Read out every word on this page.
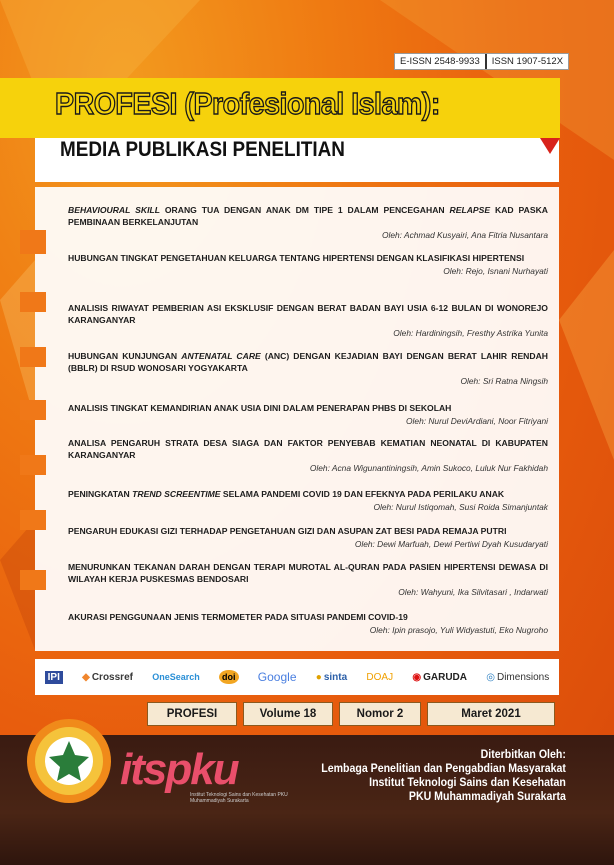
E-ISSN 2548-9933	ISSN 1907-512X
PROFESI (Profesional Islam):
MEDIA PUBLIKASI PENELITIAN
BEHAVIOURAL SKILL ORANG TUA DENGAN ANAK DM TIPE 1 DALAM PENCEGAHAN RELAPSE KAD PASKA PEMBINAAN BERKELANJUTAN
Oleh: Achmad Kusyairi, Ana Fitria Nusantara
HUBUNGAN TINGKAT PENGETAHUAN KELUARGA TENTANG HIPERTENSI DENGAN KLASIFIKASI HIPERTENSI
Oleh: Rejo, Isnani Nurhayati
ANALISIS RIWAYAT PEMBERIAN ASI EKSKLUSIF DENGAN BERAT BADAN BAYI USIA 6-12 BULAN DI WONOREJO KARANGANYAR
Oleh: Hardiningsih, Fresthy Astrika Yunita
HUBUNGAN KUNJUNGAN ANTENATAL CARE (ANC) DENGAN KEJADIAN BAYI DENGAN BERAT LAHIR RENDAH (BBLR) DI RSUD WONOSARI YOGYAKARTA
Oleh: Sri Ratna Ningsih
ANALISIS TINGKAT KEMANDIRIAN ANAK USIA DINI DALAM PENERAPAN PHBS DI SEKOLAH
Oleh: Nurul DeviArdiani, Noor Fitriyani
ANALISA PENGARUH STRATA DESA SIAGA DAN FAKTOR PENYEBAB KEMATIAN NEONATAL DI KABUPATEN KARANGANYAR
Oleh: Acna Wigunantiningsih, Amin Sukoco, Luluk Nur Fakhidah
PENINGKATAN TREND SCREENTIME SELAMA PANDEMI COVID 19 DAN EFEKNYA PADA PERILAKU ANAK
Oleh: Nurul Istiqomah, Susi Roida Simanjuntak
PENGARUH EDUKASI GIZI TERHADAP PENGETAHUAN GIZI DAN ASUPAN ZAT BESI PADA REMAJA PUTRI
Oleh: Dewi Marfuah, Dewi Pertiwi Dyah Kusudaryati
MENURUNKAN TEKANAN DARAH DENGAN TERAPI MUROTAL AL-QURAN PADA PASIEN HIPERTENSI DEWASA DI WILAYAH KERJA PUSKESMAS BENDOSARI
Oleh: Wahyuni, Ika Silvitasari , Indarwati
AKURASI PENGGUNAAN JENIS TERMOMETER PADA SITUASI PANDEMI COVID-19
Oleh: Ipin prasojo, Yuli Widyastuti, Eko Nugroho
IPI	◆ Crossref OneSearch	doi Google ● sinta DOAJ ◉ GARUDA ◎ Dimensions
PROFESI	Volume 18	Nomor 2	Maret 2021
itspku
Institut Teknologi Sains dan Kesehatan PKU Muhammadiyah Surakarta
Diterbitkan Oleh:
Lembaga Penelitian dan Pengabdian Masyarakat
Institut Teknologi Sains dan Kesehatan
PKU Muhammadiyah Surakarta
